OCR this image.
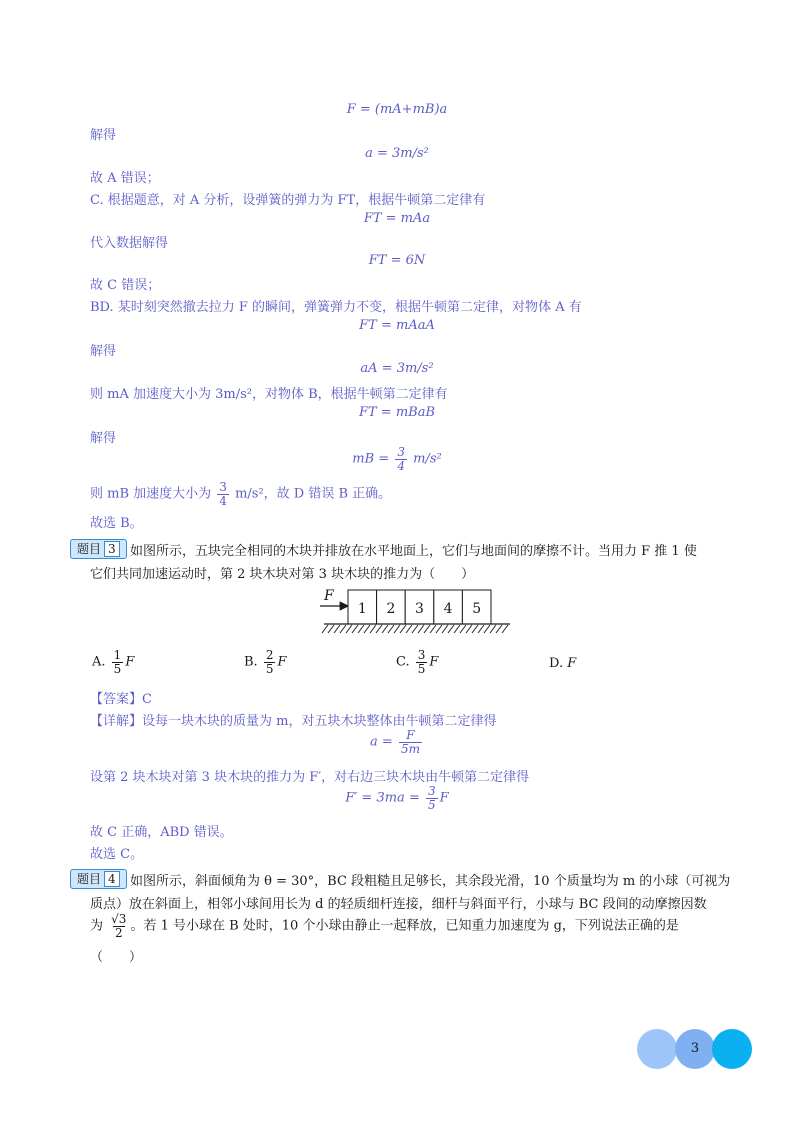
F = (mA+mB)a
解得
a = 3m/s²
故 A 错误；
C. 根据题意，对 A 分析，设弹簧的弹力为 FT，根据牛顿第二定律有
FT = mAa
代入数据解得
FT = 6N
故 C 错误；
BD. 某时刻突然撤去拉力 F 的瞬间，弹簧弹力不变，根据牛顿第二定律，对物体 A 有
FT = mAaA
解得
aA = 3m/s²
则 mA 加速度大小为 3m/s²，对物体 B，根据牛顿第二定律有
FT = mBaB
解得
mB = $\frac{3}{4} m/s^2$
则 mB 加速度大小为 $\frac{3}{4} m/s^2$，故 D 错误 B 正确。
故选 B。
题目 3	如图所示，五块完全相同的木块并排放在水平地面上，它们与地面间的摩擦不计。当用力 F 推 1 使
它们共同加速运动时，第 2 块木块对第 3 块木块的推力为（　　）
F
1 2 3 4 5
A. $\frac{1}{5}$ F	B. $\frac{2}{5}$ F	C. $\frac{3}{5}$ F	D. F
【答案】C
【详解】设每一块木块的质量为 m，对五块木块整体由牛顿第二定律得
$a = \frac{F}{5m}$
设第 2 块木块对第 3 块木块的推力为 F′，对右边三块木块由牛顿第二定律得
$F' = 3ma = \frac{3}{5}$ F
故 C 正确，ABD 错误。
故选 C。
题目 4	如图所示，斜面倾角为 θ = 30°，BC 段粗糙且足够长，其余段光滑，10 个质量均为 m 的小球（可视为
质点）放在斜面上，相邻小球间用长为 d 的轻质细杆连接，细杆与斜面平行，小球与 BC 段间的动摩擦因数
为 $\frac{√3}{2}$ 。若 1 号小球在 B 处时，10 个小球由静止一起释放，已知重力加速度为 g，下列说法正确的是
（　　）
3
